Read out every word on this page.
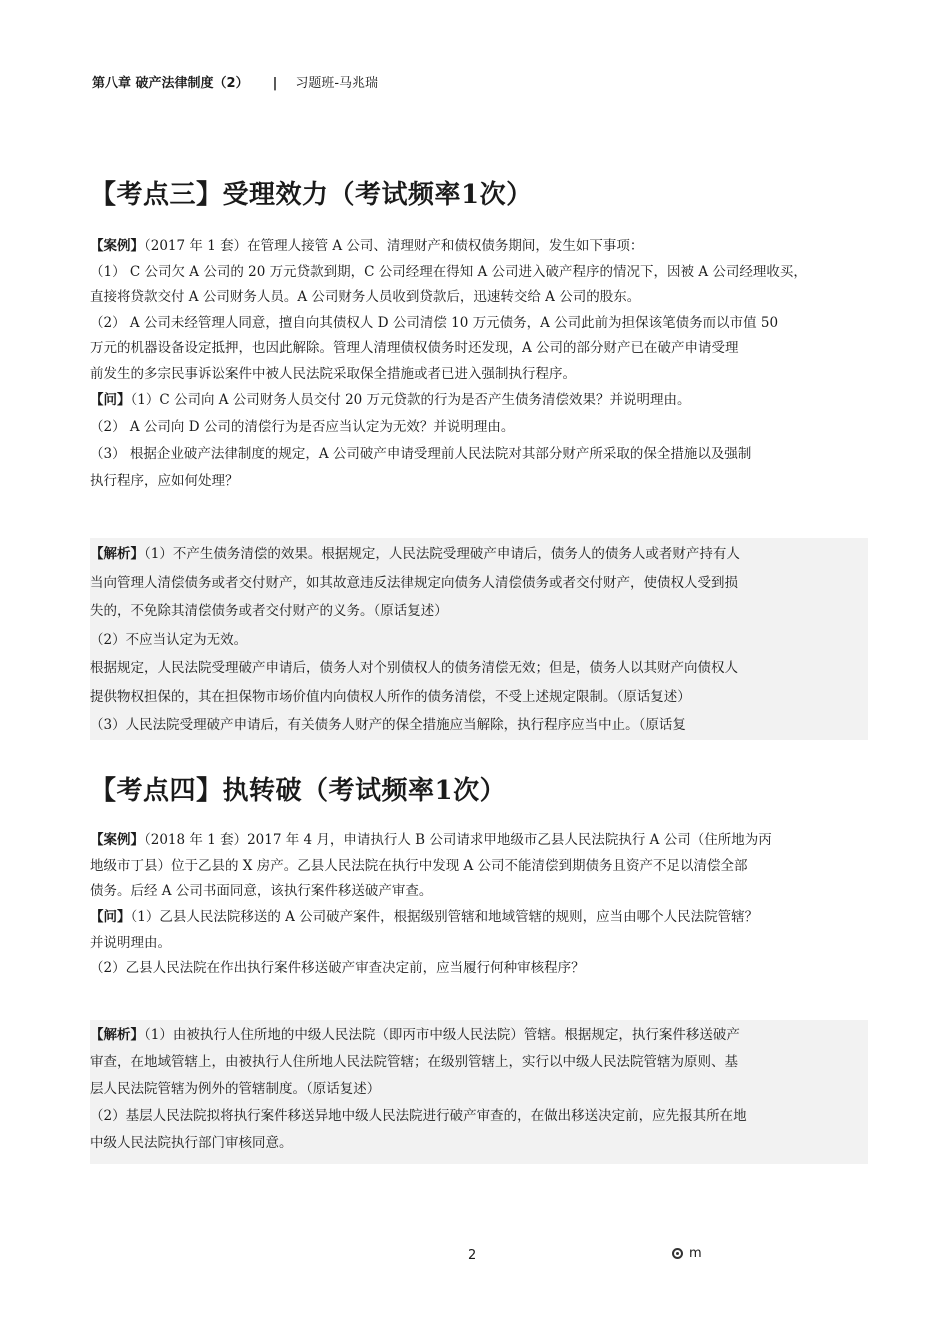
第八章 破产法律制度（2） | 习题班-马兆瑞
【考点三】受理效力（考试频率1次）

【案例】（2017 年 1 套）在管理人接管 A 公司、清理财产和债权债务期间，发生如下事项：

（1） C 公司欠 A 公司的 20 万元贷款到期，C 公司经理在得知 A 公司进入破产程序的情况下，因被 A 公司经理收买，

直接将贷款交付 A 公司财务人员。A 公司财务人员收到贷款后，迅速转交给 A 公司的股东。

（2） A 公司未经管理人同意，擅自向其债权人 D 公司清偿 10 万元债务，A 公司此前为担保该笔债务而以市值 50

万元的机器设备设定抵押，也因此解除。管理人清理债权债务时还发现，A 公司的部分财产已在破产申请受理

前发生的多宗民事诉讼案件中被人民法院采取保全措施或者已进入强制执行程序。

【问】（1）C 公司向 A 公司财务人员交付 20 万元贷款的行为是否产生债务清偿效果？并说明理由。

（2） A 公司向 D 公司的清偿行为是否应当认定为无效？并说明理由。

（3） 根据企业破产法律制度的规定，A 公司破产申请受理前人民法院对其部分财产所采取的保全措施以及强制

执行程序，应如何处理？

【解析】（1）不产生债务清偿的效果。根据规定，人民法院受理破产申请后，债务人的债务人或者财产持有人

当向管理人清偿债务或者交付财产，如其故意违反法律规定向债务人清偿债务或者交付财产，使债权人受到损

失的，不免除其清偿债务或者交付财产的义务。（原话复述）

（2）不应当认定为无效。

根据规定，人民法院受理破产申请后，债务人对个别债权人的债务清偿无效；但是，债务人以其财产向债权人

提供物权担保的，其在担保物市场价值内向债权人所作的债务清偿，不受上述规定限制。（原话复述）

（3）人民法院受理破产申请后，有关债务人财产的保全措施应当解除，执行程序应当中止。（原话复

【考点四】执转破（考试频率1次）

【案例】（2018 年 1 套）2017 年 4 月，申请执行人 B 公司请求甲地级市乙县人民法院执行 A 公司（住所地为丙

地级市丁县）位于乙县的 X 房产。乙县人民法院在执行中发现 A 公司不能清偿到期债务且资产不足以清偿全部

债务。后经 A 公司书面同意，该执行案件移送破产审查。

【问】（1）乙县人民法院移送的 A 公司破产案件，根据级别管辖和地域管辖的规则，应当由哪个人民法院管辖？

并说明理由。

（2）乙县人民法院在作出执行案件移送破产审查决定前，应当履行何种审核程序？

【解析】（1）由被执行人住所地的中级人民法院（即丙市中级人民法院）管辖。根据规定，执行案件移送破产

审查，在地域管辖上，由被执行人住所地人民法院管辖；在级别管辖上，实行以中级人民法院管辖为原则、基

层人民法院管辖为例外的管辖制度。（原话复述）

（2）基层人民法院拟将执行案件移送异地中级人民法院进行破产审查的，在做出移送决定前，应先报其所在地

中级人民法院执行部门审核同意。

2	m
